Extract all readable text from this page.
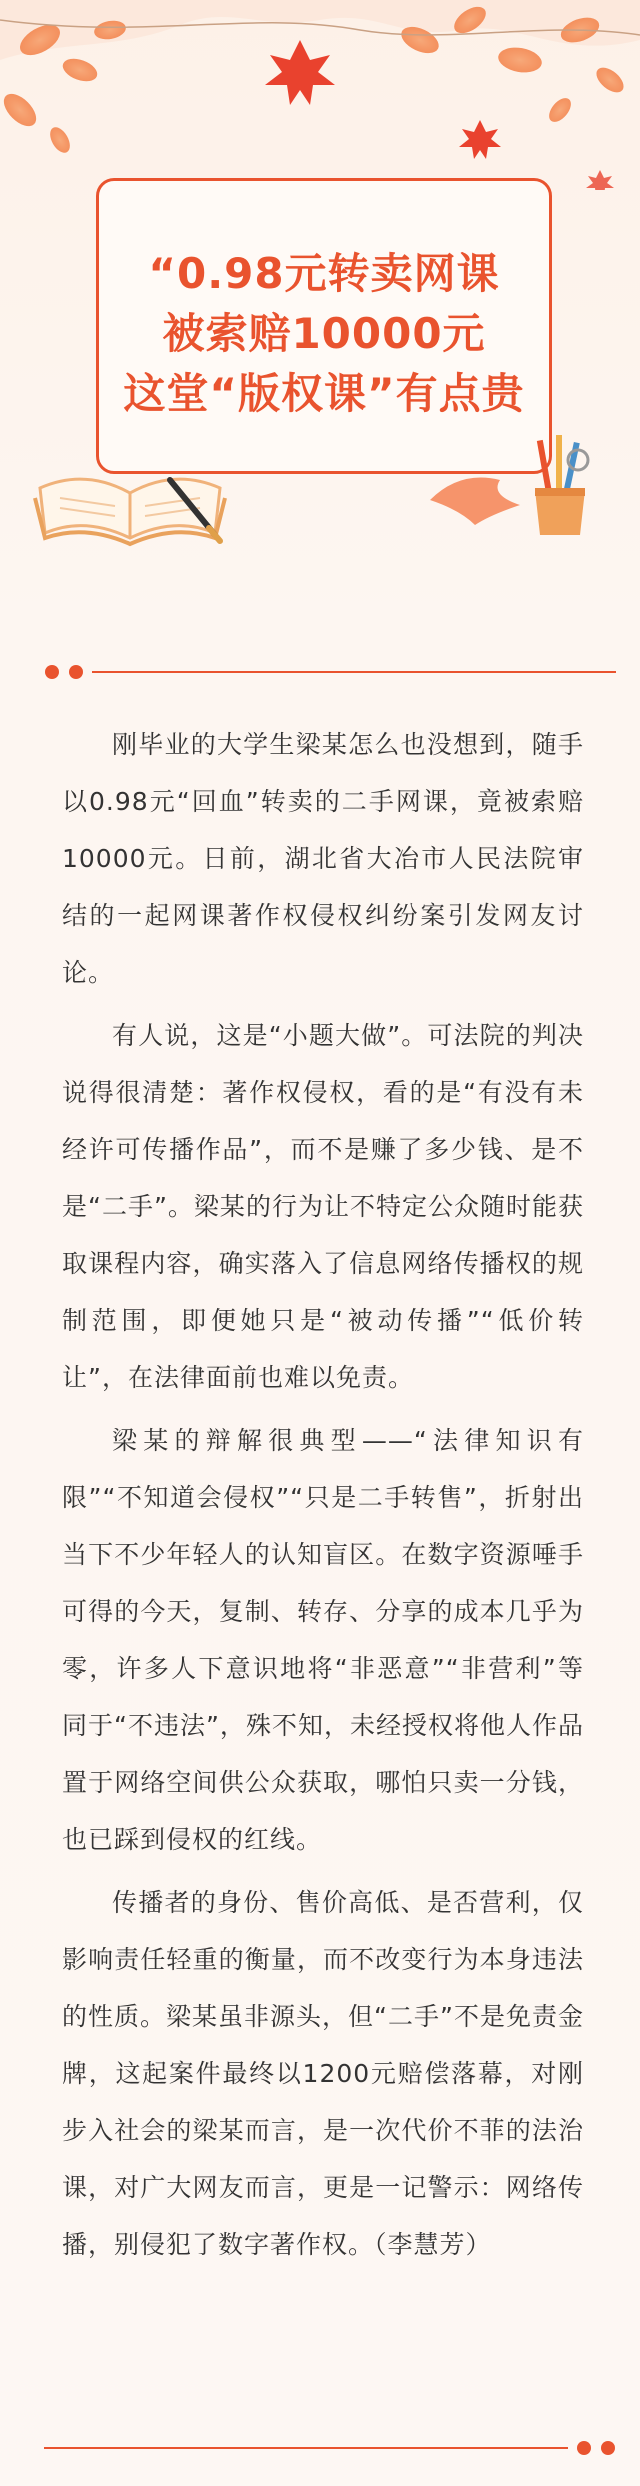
“0.98元转卖网课
被索赔10000元
这堂“版权课”有点贵

刚毕业的大学生梁某怎么也没想到，随手以0.98元“回血”转卖的二手网课，竟被索赔10000元。日前，湖北省大冶市人民法院审结的一起网课著作权侵权纠纷案引发网友讨论。

有人说，这是“小题大做”。可法院的判决说得很清楚：著作权侵权，看的是“有没有未经许可传播作品”，而不是赚了多少钱、是不是“二手”。梁某的行为让不特定公众随时能获取课程内容，确实落入了信息网络传播权的规制范围，即便她只是“被动传播”“低价转让”，在法律面前也难以免责。

梁某的辩解很典型——“法律知识有限”“不知道会侵权”“只是二手转售”，折射出当下不少年轻人的认知盲区。在数字资源唾手可得的今天，复制、转存、分享的成本几乎为零，许多人下意识地将“非恶意”“非营利”等同于“不违法”，殊不知，未经授权将他人作品置于网络空间供公众获取，哪怕只卖一分钱，也已踩到侵权的红线。

传播者的身份、售价高低、是否营利，仅影响责任轻重的衡量，而不改变行为本身违法的性质。梁某虽非源头，但“二手”不是免责金牌，这起案件最终以1200元赔偿落幕，对刚步入社会的梁某而言，是一次代价不菲的法治课，对广大网友而言，更是一记警示：网络传播，别侵犯了数字著作权。（李慧芳）
